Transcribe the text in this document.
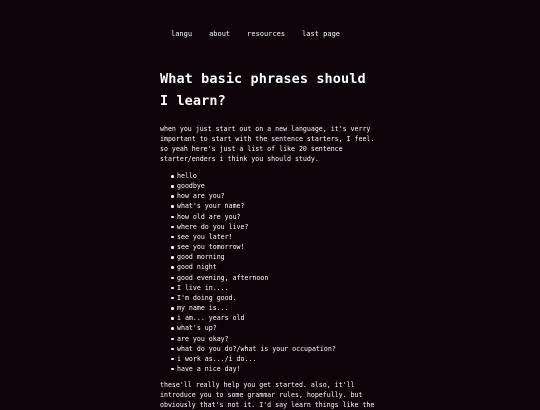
langu about resources last page
What basic phrases should I learn?

when you just start out on a new language, it's verry important to start with the sentence starters, I feel. so yeah here's just a list of like 20 sentence starter/enders i think you should study.

hello
goodbye
how are you?
what's your name?
how old are you?
where do you live?
see you later!
see you tomorrow!
good morning
good night
good evening, afternoon
I live in....
I'm doing good.
my name is...
i am... years old
what's up?
are you okay?
what do you do?/what is your occupation?
i work as.../i do...
have a nice day!

these'll really help you get started. also, it'll introduce you to some grammar rules, hopefully. but obviously that's not it. I'd say learn things like the
